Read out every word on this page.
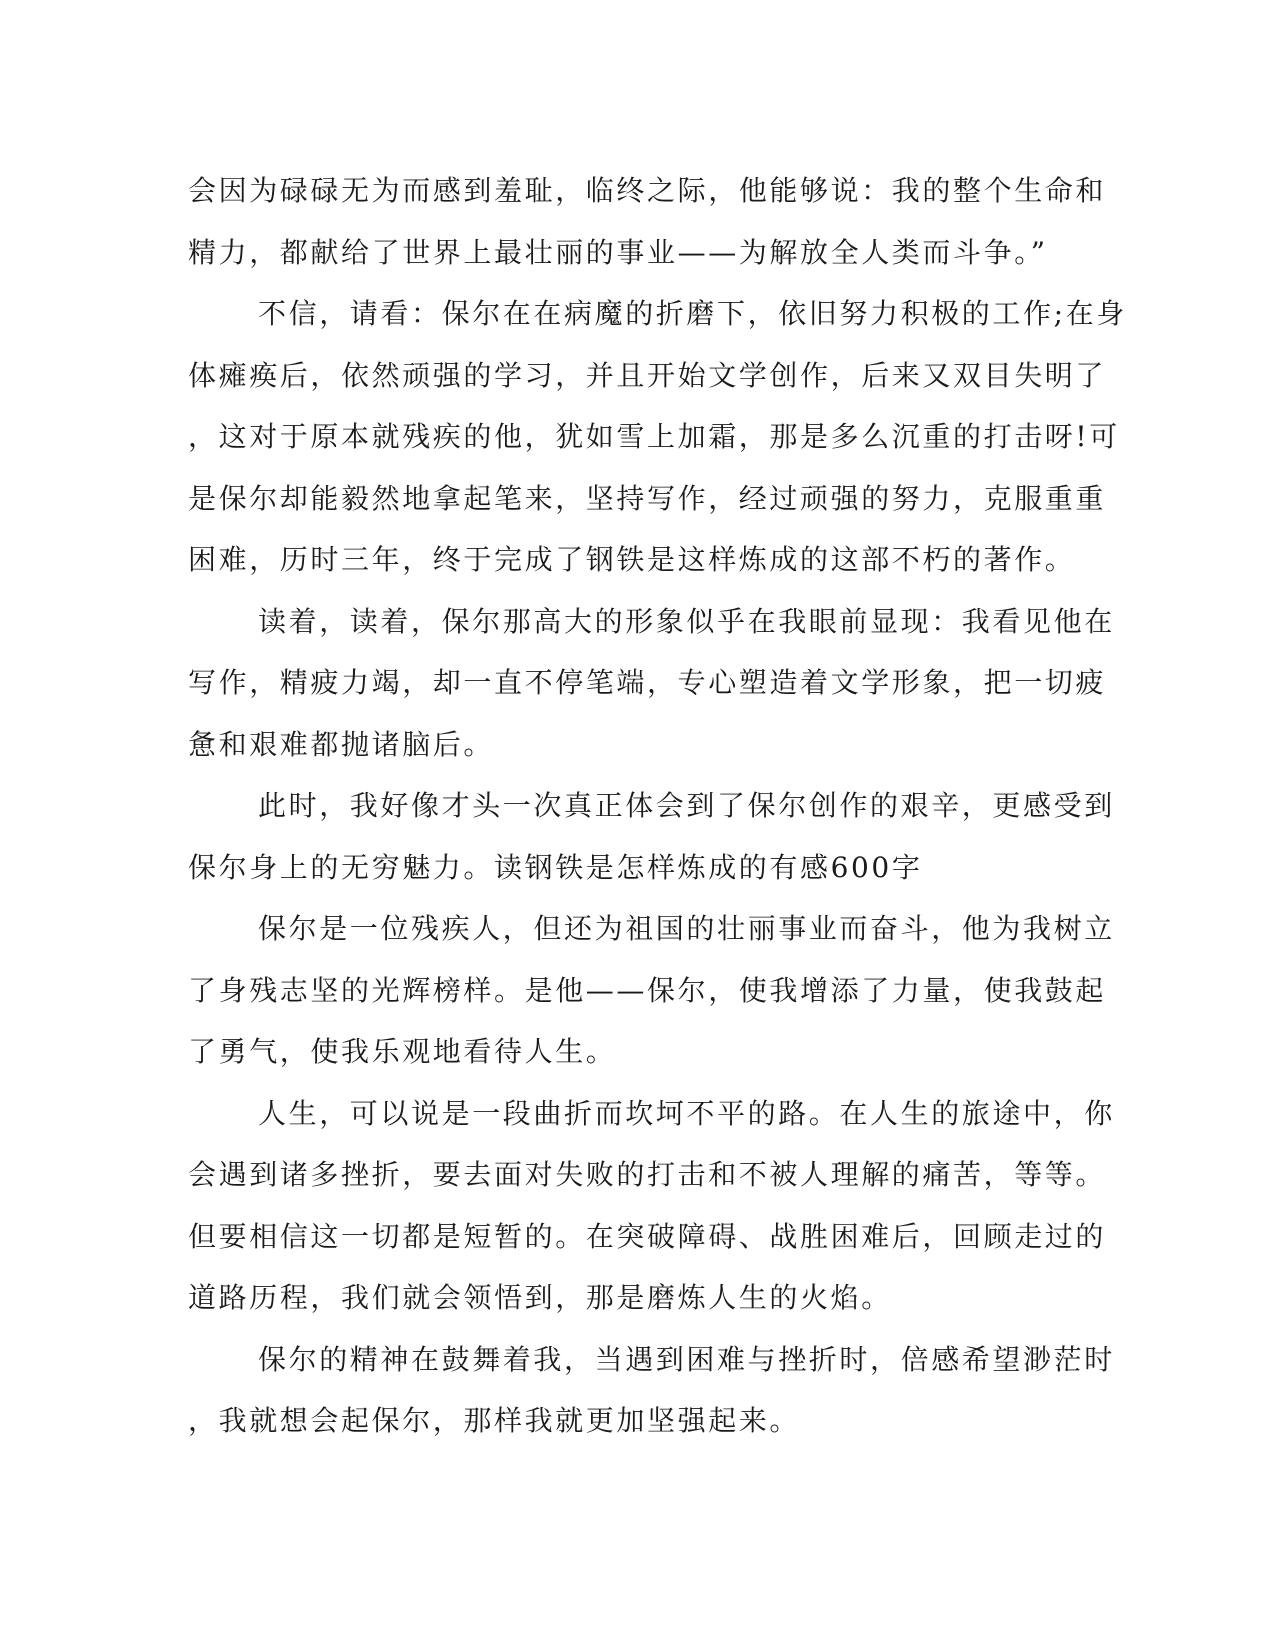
会因为碌碌无为而感到羞耻，临终之际，他能够说：我的整个生命和
精力，都献给了世界上最壮丽的事业——为解放全人类而斗争。”
不信，请看：保尔在在病魔的折磨下，依旧努力积极的工作;在身
体瘫痪后，依然顽强的学习，并且开始文学创作，后来又双目失明了
，这对于原本就残疾的他，犹如雪上加霜，那是多么沉重的打击呀!可
是保尔却能毅然地拿起笔来，坚持写作，经过顽强的努力，克服重重
困难，历时三年，终于完成了钢铁是这样炼成的这部不朽的著作。
读着，读着，保尔那高大的形象似乎在我眼前显现：我看见他在
写作，精疲力竭，却一直不停笔端，专心塑造着文学形象，把一切疲
惫和艰难都抛诸脑后。
此时，我好像才头一次真正体会到了保尔创作的艰辛，更感受到
保尔身上的无穷魅力。读钢铁是怎样炼成的有感600字
保尔是一位残疾人，但还为祖国的壮丽事业而奋斗，他为我树立
了身残志坚的光辉榜样。是他——保尔，使我增添了力量，使我鼓起
了勇气，使我乐观地看待人生。
人生，可以说是一段曲折而坎坷不平的路。在人生的旅途中，你
会遇到诸多挫折，要去面对失败的打击和不被人理解的痛苦，等等。
但要相信这一切都是短暂的。在突破障碍、战胜困难后，回顾走过的
道路历程，我们就会领悟到，那是磨炼人生的火焰。
保尔的精神在鼓舞着我，当遇到困难与挫折时，倍感希望渺茫时
，我就想会起保尔，那样我就更加坚强起来。
